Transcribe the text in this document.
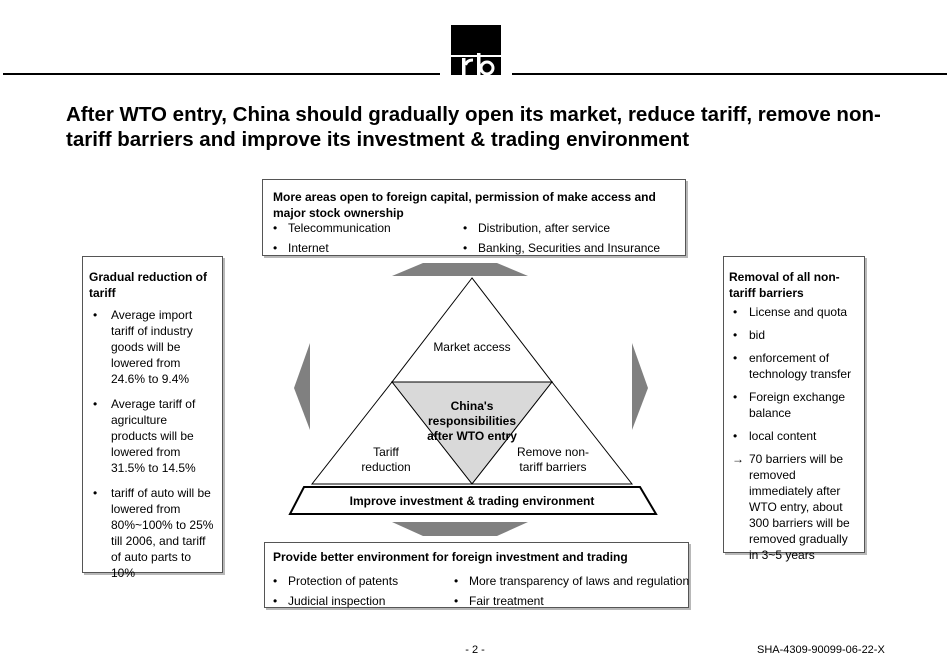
After WTO entry, China should gradually open its market, reduce tariff, remove non-tariff barriers and improve its investment & trading environment
More areas open to foreign capital, permission of make access and major stock ownership
• Telecommunication	• Distribution, after service
• Internet	• Banking, Securities and Insurance
Gradual reduction of tariff
• Average import tariff of industry goods will be lowered from 24.6% to 9.4%
• Average tariff of agriculture products will be lowered from 31.5% to 14.5%
• tariff of auto will be lowered from 80%~100% to 25% till 2006, and tariff of auto parts to 10%
Removal of all non-tariff barriers
• License and quota
• bid
• enforcement of technology transfer
• Foreign exchange balance
• local content
→ 70 barriers will be removed immediately after WTO entry, about 300 barriers will be removed gradually in 3~5 years
Provide better environment for foreign investment and trading
• Protection of patents	• More transparency of laws and regulation
• Judicial inspection	• Fair treatment
Market access
China's responsibilities after WTO entry
Tariff reduction
Remove non-tariff barriers
Improve investment & trading environment
- 2 -	SHA-4309-90099-06-22-X
